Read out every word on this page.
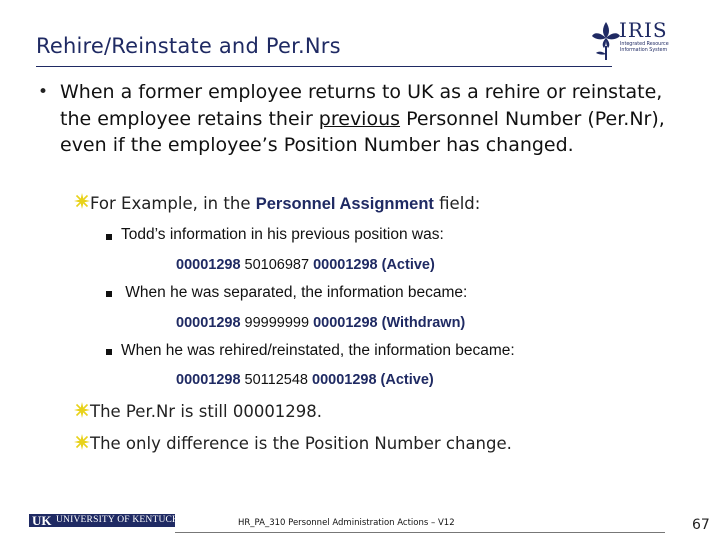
Rehire/Reinstate and Per.Nrs
IRIS
Integrated Resource Information System
• When a former employee returns to UK as a rehire or reinstate, the employee retains their previous Personnel Number (Per.Nr), even if the employee’s Position Number has changed.
For Example, in the Personnel Assignment field:
Todd’s information in his previous position was:
00001298 50106987 00001298 (Active)
When he was separated, the information became:
00001298 99999999 00001298 (Withdrawn)
When he was rehired/reinstated, the information became:
00001298 50112548 00001298 (Active)
The Per.Nr is still 00001298.
The only difference is the Position Number change.
UK UNIVERSITY OF KENTUCKY	HR_PA_310 Personnel Administration Actions – V12	67
